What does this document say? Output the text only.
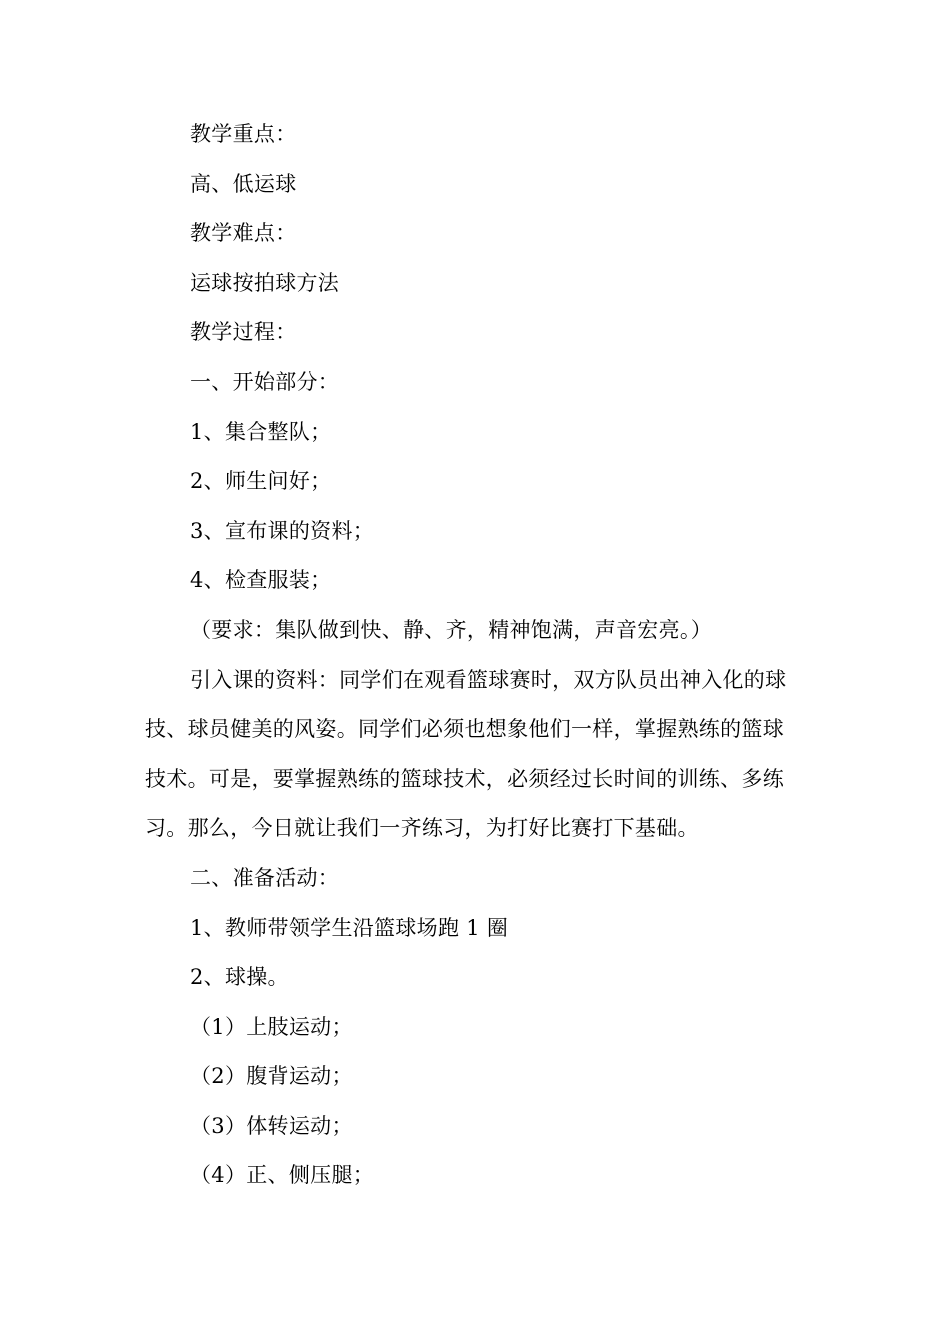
教学重点：
高、低运球
教学难点：
运球按拍球方法
教学过程：
一、开始部分：
1、集合整队；
2、师生问好；
3、宣布课的资料；
4、检查服装；
（要求：集队做到快、静、齐，精神饱满，声音宏亮。）
引入课的资料：同学们在观看篮球赛时，双方队员出神入化的球
技、球员健美的风姿。同学们必须也想象他们一样，掌握熟练的篮球
技术。可是，要掌握熟练的篮球技术，必须经过长时间的训练、多练
习。那么，今日就让我们一齐练习，为打好比赛打下基础。
二、准备活动：
1、教师带领学生沿篮球场跑 1 圈
2、球操。
（1）上肢运动；
（2）腹背运动；
（3）体转运动；
（4）正、侧压腿；
